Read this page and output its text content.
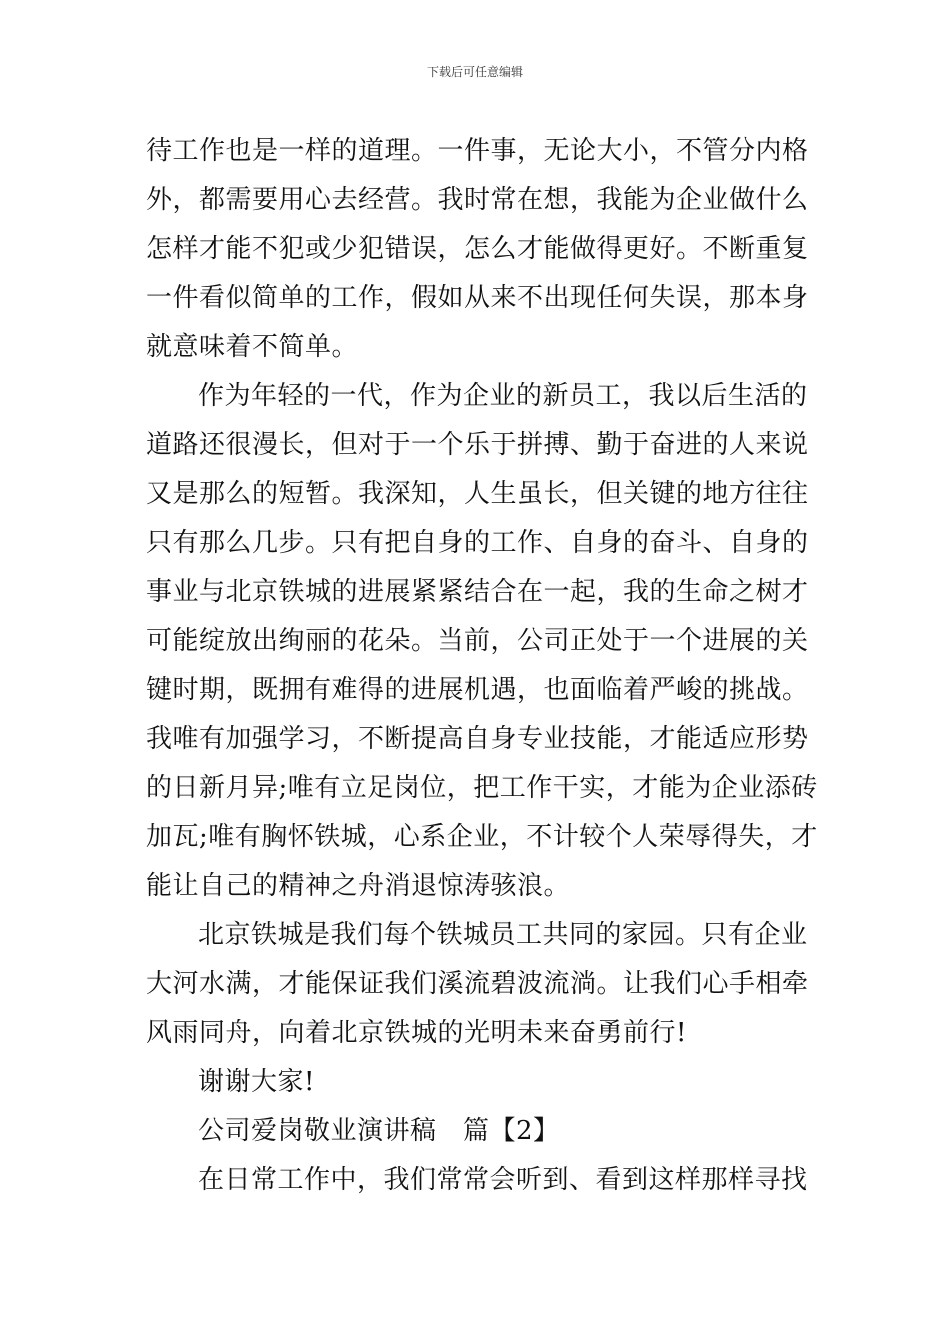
下载后可任意编辑
待工作也是一样的道理。一件事，无论大小，不管分内格
外，都需要用心去经营。我时常在想，我能为企业做什么
怎样才能不犯或少犯错误，怎么才能做得更好。不断重复
一件看似简单的工作，假如从来不出现任何失误，那本身
就意味着不简单。
作为年轻的一代，作为企业的新员工，我以后生活的
道路还很漫长，但对于一个乐于拼搏、勤于奋进的人来说
又是那么的短暂。我深知，人生虽长，但关键的地方往往
只有那么几步。只有把自身的工作、自身的奋斗、自身的
事业与北京铁城的进展紧紧结合在一起，我的生命之树才
可能绽放出绚丽的花朵。当前，公司正处于一个进展的关
键时期，既拥有难得的进展机遇，也面临着严峻的挑战。
我唯有加强学习，不断提高自身专业技能，才能适应形势
的日新月异;唯有立足岗位，把工作干实，才能为企业添砖
加瓦;唯有胸怀铁城，心系企业，不计较个人荣辱得失，才
能让自己的精神之舟消退惊涛骇浪。
北京铁城是我们每个铁城员工共同的家园。只有企业
大河水满，才能保证我们溪流碧波流淌。让我们心手相牵
风雨同舟，向着北京铁城的光明未来奋勇前行!
谢谢大家!
公司爱岗敬业演讲稿　篇【2】
在日常工作中，我们常常会听到、看到这样那样寻找
